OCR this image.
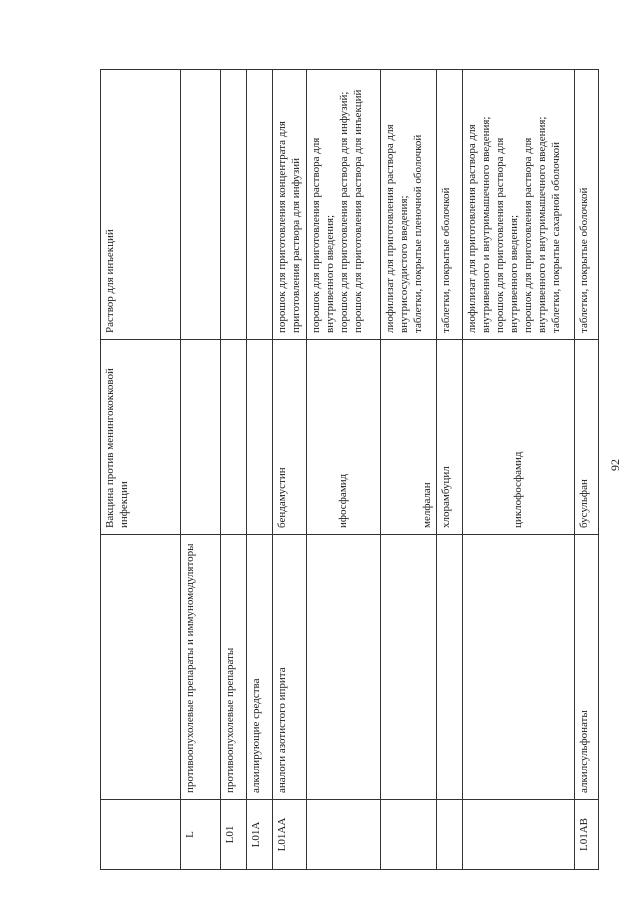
		Вакцина против менингококковой инфекции	Раствор для инъекций
L	противоопухолевые препараты и иммуномодуляторы		
L01	противоопухолевые препараты		
L01A	алкилирующие средства		
L01AA	аналоги азотистого иприта	бендамустин	порошок для приготовления концентрата для приготовления раствора для инфузий
		ифосфамид	порошок для приготовления раствора для внутривенного введения; порошок для приготовления раствора для инфузий; порошок для приготовления раствора для инъекций
		мелфалан	лиофилизат для приготовления раствора для внутрисосудистого введения; таблетки, покрытые пленочной оболочкой
		хлорамбуцил	таблетки, покрытые оболочкой
		циклофосфамид	лиофилизат для приготовления раствора для внутривенного и внутримышечного введения; порошок для приготовления раствора для внутривенного введения; порошок для приготовления раствора для внутривенного и внутримышечного введения; таблетки, покрытые сахарной оболочкой
L01AB	алкилсульфонаты	бусульфан	таблетки, покрытые оболочкой
92
